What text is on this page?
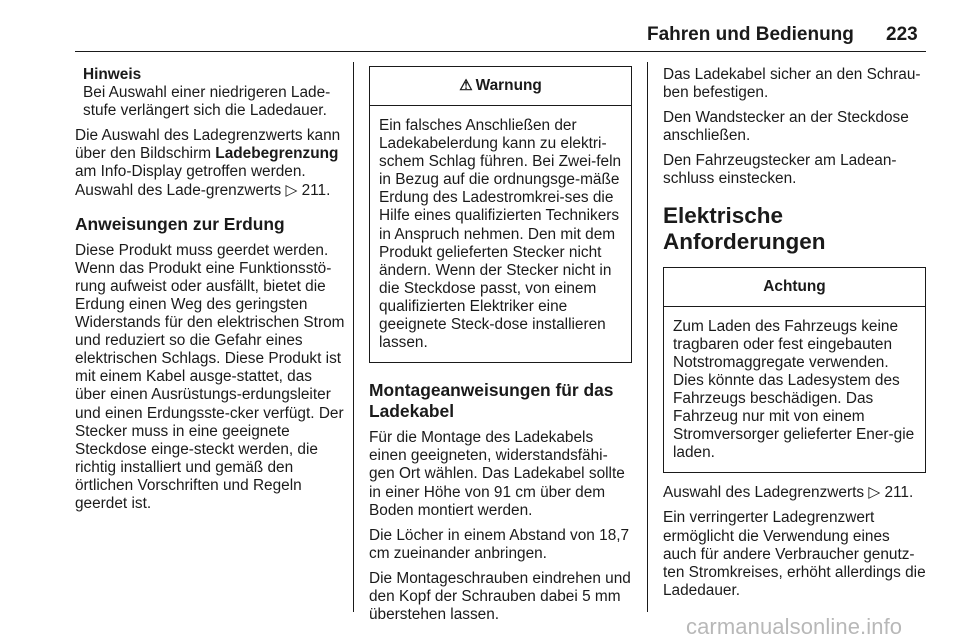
Fahren und Bedienung 223
Hinweis
Bei Auswahl einer niedrigeren Lade-stufe verlängert sich die Ladedauer.

Die Auswahl des Ladegrenzwerts kann über den Bildschirm Ladebegrenzung am Info-Display getroffen werden. Auswahl des Lade-grenzwerts ▷ 211.

Anweisungen zur Erdung

Diese Produkt muss geerdet werden. Wenn das Produkt eine Funktionsstö-rung aufweist oder ausfällt, bietet die Erdung einen Weg des geringsten Widerstands für den elektrischen Strom und reduziert so die Gefahr eines elektrischen Schlags. Diese Produkt ist mit einem Kabel ausge-stattet, das über einen Ausrüstungs-erdungsleiter und einen Erdungsste-cker verfügt. Der Stecker muss in eine geeignete Steckdose einge-steckt werden, die richtig installiert und gemäß den örtlichen Vorschriften und Regeln geerdet ist.

⚠ Warnung
Ein falsches Anschließen der Ladekabelerdung kann zu elektri-schem Schlag führen. Bei Zwei-feln in Bezug auf die ordnungsge-mäße Erdung des Ladestromkrei-ses die Hilfe eines qualifizierten Technikers in Anspruch nehmen. Den mit dem Produkt gelieferten Stecker nicht ändern. Wenn der Stecker nicht in die Steckdose passt, von einem qualifizierten Elektriker eine geeignete Steck-dose installieren lassen.
Montageanweisungen für das Ladekabel

Für die Montage des Ladekabels einen geeigneten, widerstandsfähi-gen Ort wählen. Das Ladekabel sollte in einer Höhe von 91 cm über dem Boden montiert werden.

Die Löcher in einem Abstand von 18,7 cm zueinander anbringen.

Die Montageschrauben eindrehen und den Kopf der Schrauben dabei 5 mm überstehen lassen.

Das Ladekabel sicher an den Schrau-ben befestigen.

Den Wandstecker an der Steckdose anschließen.

Den Fahrzeugstecker am Ladean-schluss einstecken.

Elektrische Anforderungen
Achtung
Zum Laden des Fahrzeugs keine tragbaren oder fest eingebauten Notstromaggregate verwenden. Dies könnte das Ladesystem des Fahrzeugs beschädigen. Das Fahrzeug nur mit von einem Stromversorger gelieferter Ener-gie laden.

Auswahl des Ladegrenzwerts ▷ 211.

Ein verringerter Ladegrenzwert ermöglicht die Verwendung eines auch für andere Verbraucher genutz-ten Stromkreises, erhöht allerdings die Ladedauer.

carmanualsonline.info
